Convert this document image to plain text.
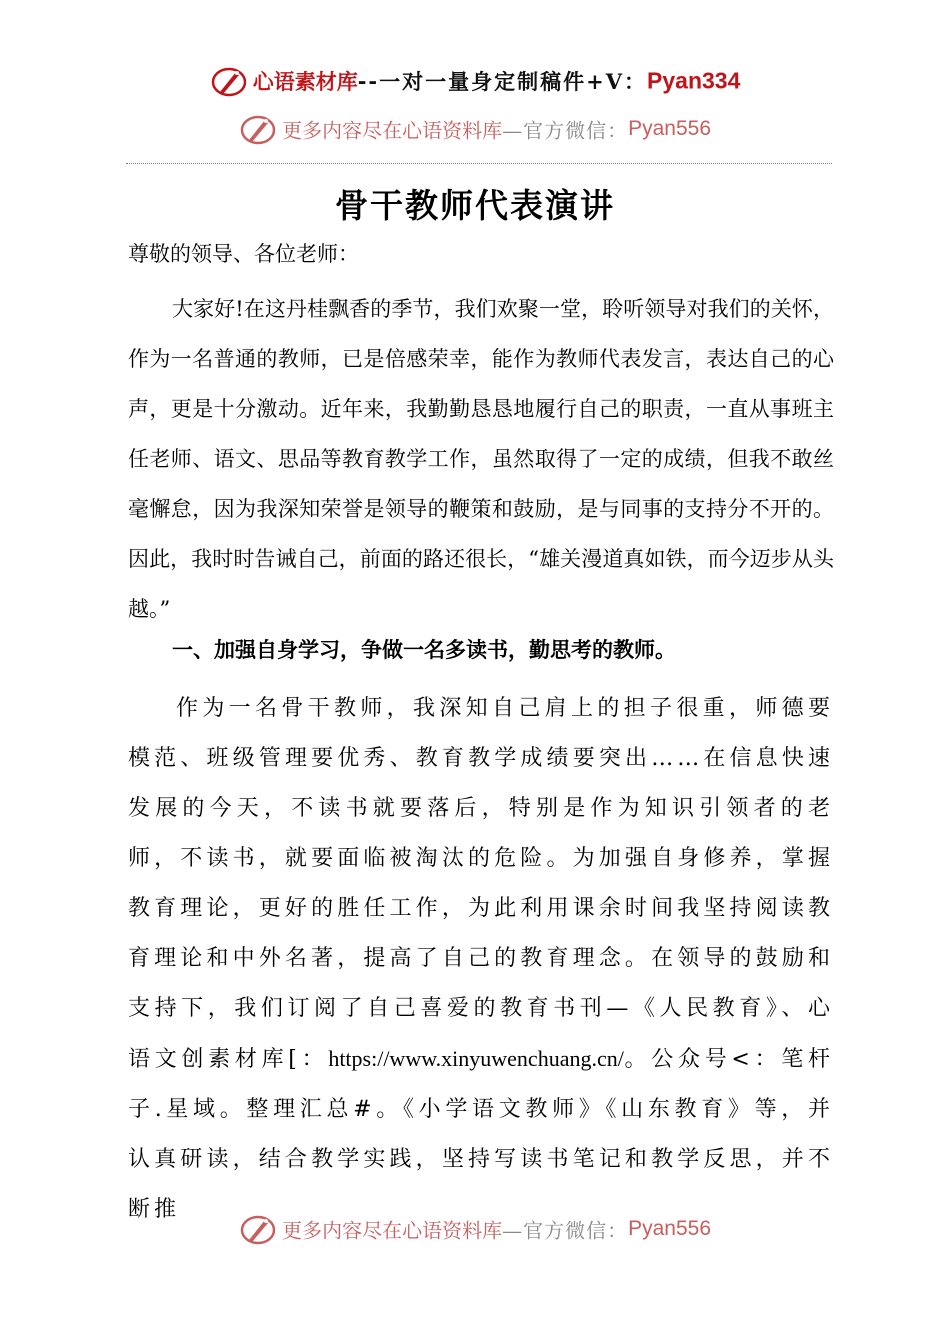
心语素材库--一对一量身定制稿件+V：Pyan334
更多内容尽在心语资料库—官方微信：Pyan556
骨干教师代表演讲
尊敬的领导、各位老师：

大家好!在这丹桂飘香的季节，我们欢聚一堂，聆听领导对我们的关怀，作为一名普通的教师，已是倍感荣幸，能作为教师代表发言，表达自己的心声，更是十分激动。近年来，我勤勤恳恳地履行自己的职责，一直从事班主任老师、语文、思品等教育教学工作，虽然取得了一定的成绩，但我不敢丝毫懈怠，因为我深知荣誉是领导的鞭策和鼓励，是与同事的支持分不开的。因此，我时时告诫自己，前面的路还很长，“雄关漫道真如铁，而今迈步从头越。”

一、加强自身学习，争做一名多读书，勤思考的教师。

作为一名骨干教师，我深知自己肩上的担子很重，师德要模范、班级管理要优秀、教育教学成绩要突出……在信息快速发展的今天，不读书就要落后，特别是作为知识引领者的老师，不读书，就要面临被淘汰的危险。为加强自身修养，掌握教育理论，更好的胜任工作，为此利用课余时间我坚持阅读教育理论和中外名著，提高了自己的教育理念。在领导的鼓励和支持下，我们订阅了自己喜爱的教育书刊—《人民教育》、心语文创素材库[：https://www.xinyuwenchuang.cn/。公众号<：笔杆子.星域。整理汇总#。《小学语文教师》《山东教育》等，并认真研读，结合教学实践，坚持写读书笔记和教学反思，并不断推

更多内容尽在心语资料库—官方微信：Pyan556
